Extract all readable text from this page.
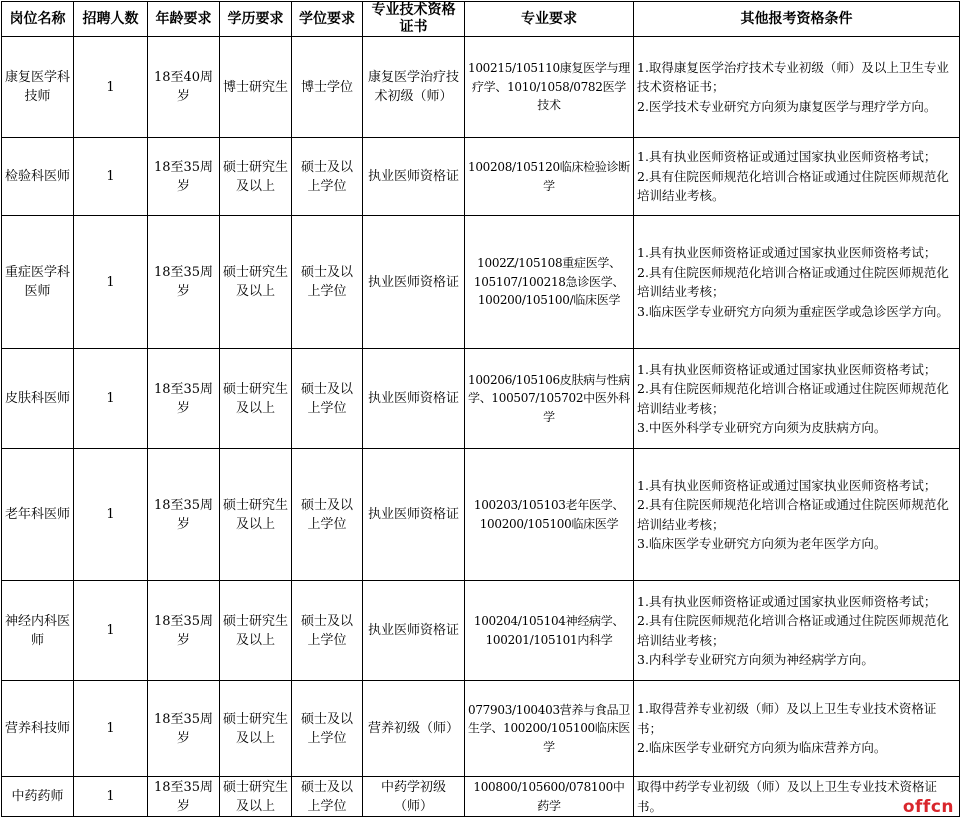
岗位名称	招聘人数	年龄要求	学历要求	学位要求	专业技术资格证书	专业要求	其他报考资格条件
康复医学科技师	1	18至40周岁	博士研究生	博士学位	康复医学治疗技术初级（师）	100215/105110康复医学与理疗学、1010/1058/0782医学技术	1.取得康复医学治疗技术专业初级（师）及以上卫生专业技术资格证书；
2.医学技术专业研究方向须为康复医学与理疗学方向。

检验科医师	1	18至35周岁	硕士研究生及以上	硕士及以上学位	执业医师资格证	100208/105120临床检验诊断学	1.具有执业医师资格证或通过国家执业医师资格考试；
2.具有住院医师规范化培训合格证或通过住院医师规范化培训结业考核。

重症医学科医师	1	18至35周岁	硕士研究生及以上	硕士及以上学位	执业医师资格证	1002Z/105108重症医学、105107/100218急诊医学、100200/105100/临床医学	1.具有执业医师资格证或通过国家执业医师资格考试；
2.具有住院医师规范化培训合格证或通过住院医师规范化培训结业考核；
3.临床医学专业研究方向须为重症医学或急诊医学方向。

皮肤科医师	1	18至35周岁	硕士研究生及以上	硕士及以上学位	执业医师资格证	100206/105106皮肤病与性病学、100507/105702中医外科学	1.具有执业医师资格证或通过国家执业医师资格考试；
2.具有住院医师规范化培训合格证或通过住院医师规范化培训结业考核；
3.中医外科学专业研究方向须为皮肤病方向。

老年科医师	1	18至35周岁	硕士研究生及以上	硕士及以上学位	执业医师资格证	100203/105103老年医学、100200/105100临床医学	1.具有执业医师资格证或通过国家执业医师资格考试；
2.具有住院医师规范化培训合格证或通过住院医师规范化培训结业考核；
3.临床医学专业研究方向须为老年医学方向。

神经内科医师	1	18至35周岁	硕士研究生及以上	硕士及以上学位	执业医师资格证	100204/105104神经病学、100201/105101内科学	1.具有执业医师资格证或通过国家执业医师资格考试；
2.具有住院医师规范化培训合格证或通过住院医师规范化培训结业考核；
3.内科学专业研究方向须为神经病学方向。

营养科技师	1	18至35周岁	硕士研究生及以上	硕士及以上学位	营养初级（师）	077903/100403营养与食品卫生学、100200/105100临床医学	1.取得营养专业初级（师）及以上卫生专业技术资格证书；
2.临床医学专业研究方向须为临床营养方向。

中药药师	1	18至35周岁	硕士研究生及以上	硕士及以上学位	中药学初级（师）	100800/105600/078100中药学	取得中药学专业初级（师）及以上卫生专业技术资格证书。	offcn
